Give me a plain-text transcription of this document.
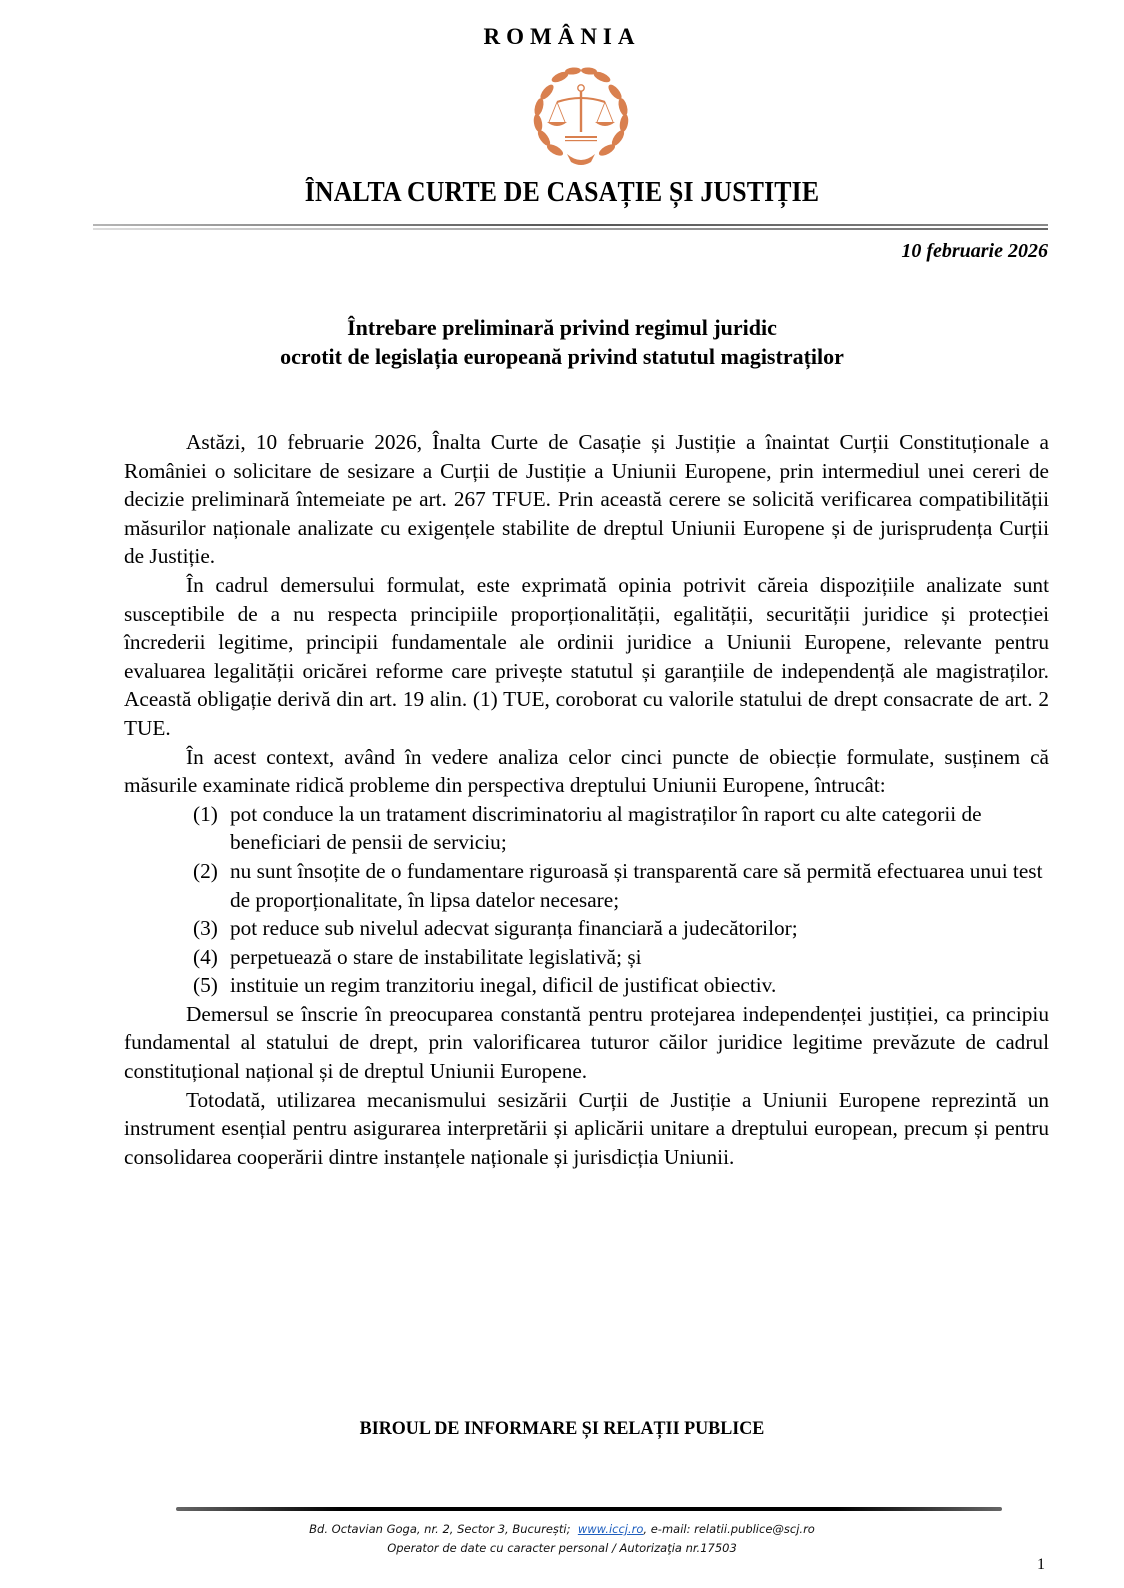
ROMÂNIA
ÎNALTA CURTE DE CASAȚIE ȘI JUSTIȚIE
10 februarie 2026
Întrebare preliminară privind regimul juridic
ocrotit de legislația europeană privind statutul magistraților

Astăzi, 10 februarie 2026, Înalta Curte de Casație și Justiție a înaintat Curții Constituționale a României o solicitare de sesizare a Curții de Justiție a Uniunii Europene, prin intermediul unei cereri de decizie preliminară întemeiate pe art. 267 TFUE. Prin această cerere se solicită verificarea compatibilității măsurilor naționale analizate cu exigențele stabilite de dreptul Uniunii Europene și de jurisprudența Curții de Justiție.

În cadrul demersului formulat, este exprimată opinia potrivit căreia dispozițiile analizate sunt susceptibile de a nu respecta principiile proporționalității, egalității, securității juridice și protecției încrederii legitime, principii fundamentale ale ordinii juridice a Uniunii Europene, relevante pentru evaluarea legalității oricărei reforme care privește statutul și garanțiile de independență ale magistraților. Această obligație derivă din art. 19 alin. (1) TUE, coroborat cu valorile statului de drept consacrate de art. 2 TUE.

În acest context, având în vedere analiza celor cinci puncte de obiecție formulate, susținem că măsurile examinate ridică probleme din perspectiva dreptului Uniunii Europene, întrucât:

(1) pot conduce la un tratament discriminatoriu al magistraților în raport cu alte categorii de beneficiari de pensii de serviciu;
(2) nu sunt însoțite de o fundamentare riguroasă și transparentă care să permită efectuarea unui test de proporționalitate, în lipsa datelor necesare;
(3) pot reduce sub nivelul adecvat siguranța financiară a judecătorilor;
(4) perpetuează o stare de instabilitate legislativă; și
(5) instituie un regim tranzitoriu inegal, dificil de justificat obiectiv.

Demersul se înscrie în preocuparea constantă pentru protejarea independenței justiției, ca principiu fundamental al statului de drept, prin valorificarea tuturor căilor juridice legitime prevăzute de cadrul constituțional național și de dreptul Uniunii Europene.

Totodată, utilizarea mecanismului sesizării Curții de Justiție a Uniunii Europene reprezintă un instrument esențial pentru asigurarea interpretării și aplicării unitare a dreptului european, precum și pentru consolidarea cooperării dintre instanțele naționale și jurisdicția Uniunii.

BIROUL DE INFORMARE ȘI RELAȚII PUBLICE
Bd. Octavian Goga, nr. 2, Sector 3, București; www.iccj.ro, e-mail: relatii.publice@scj.ro
Operator de date cu caracter personal / Autorizaţia nr.17503
1
